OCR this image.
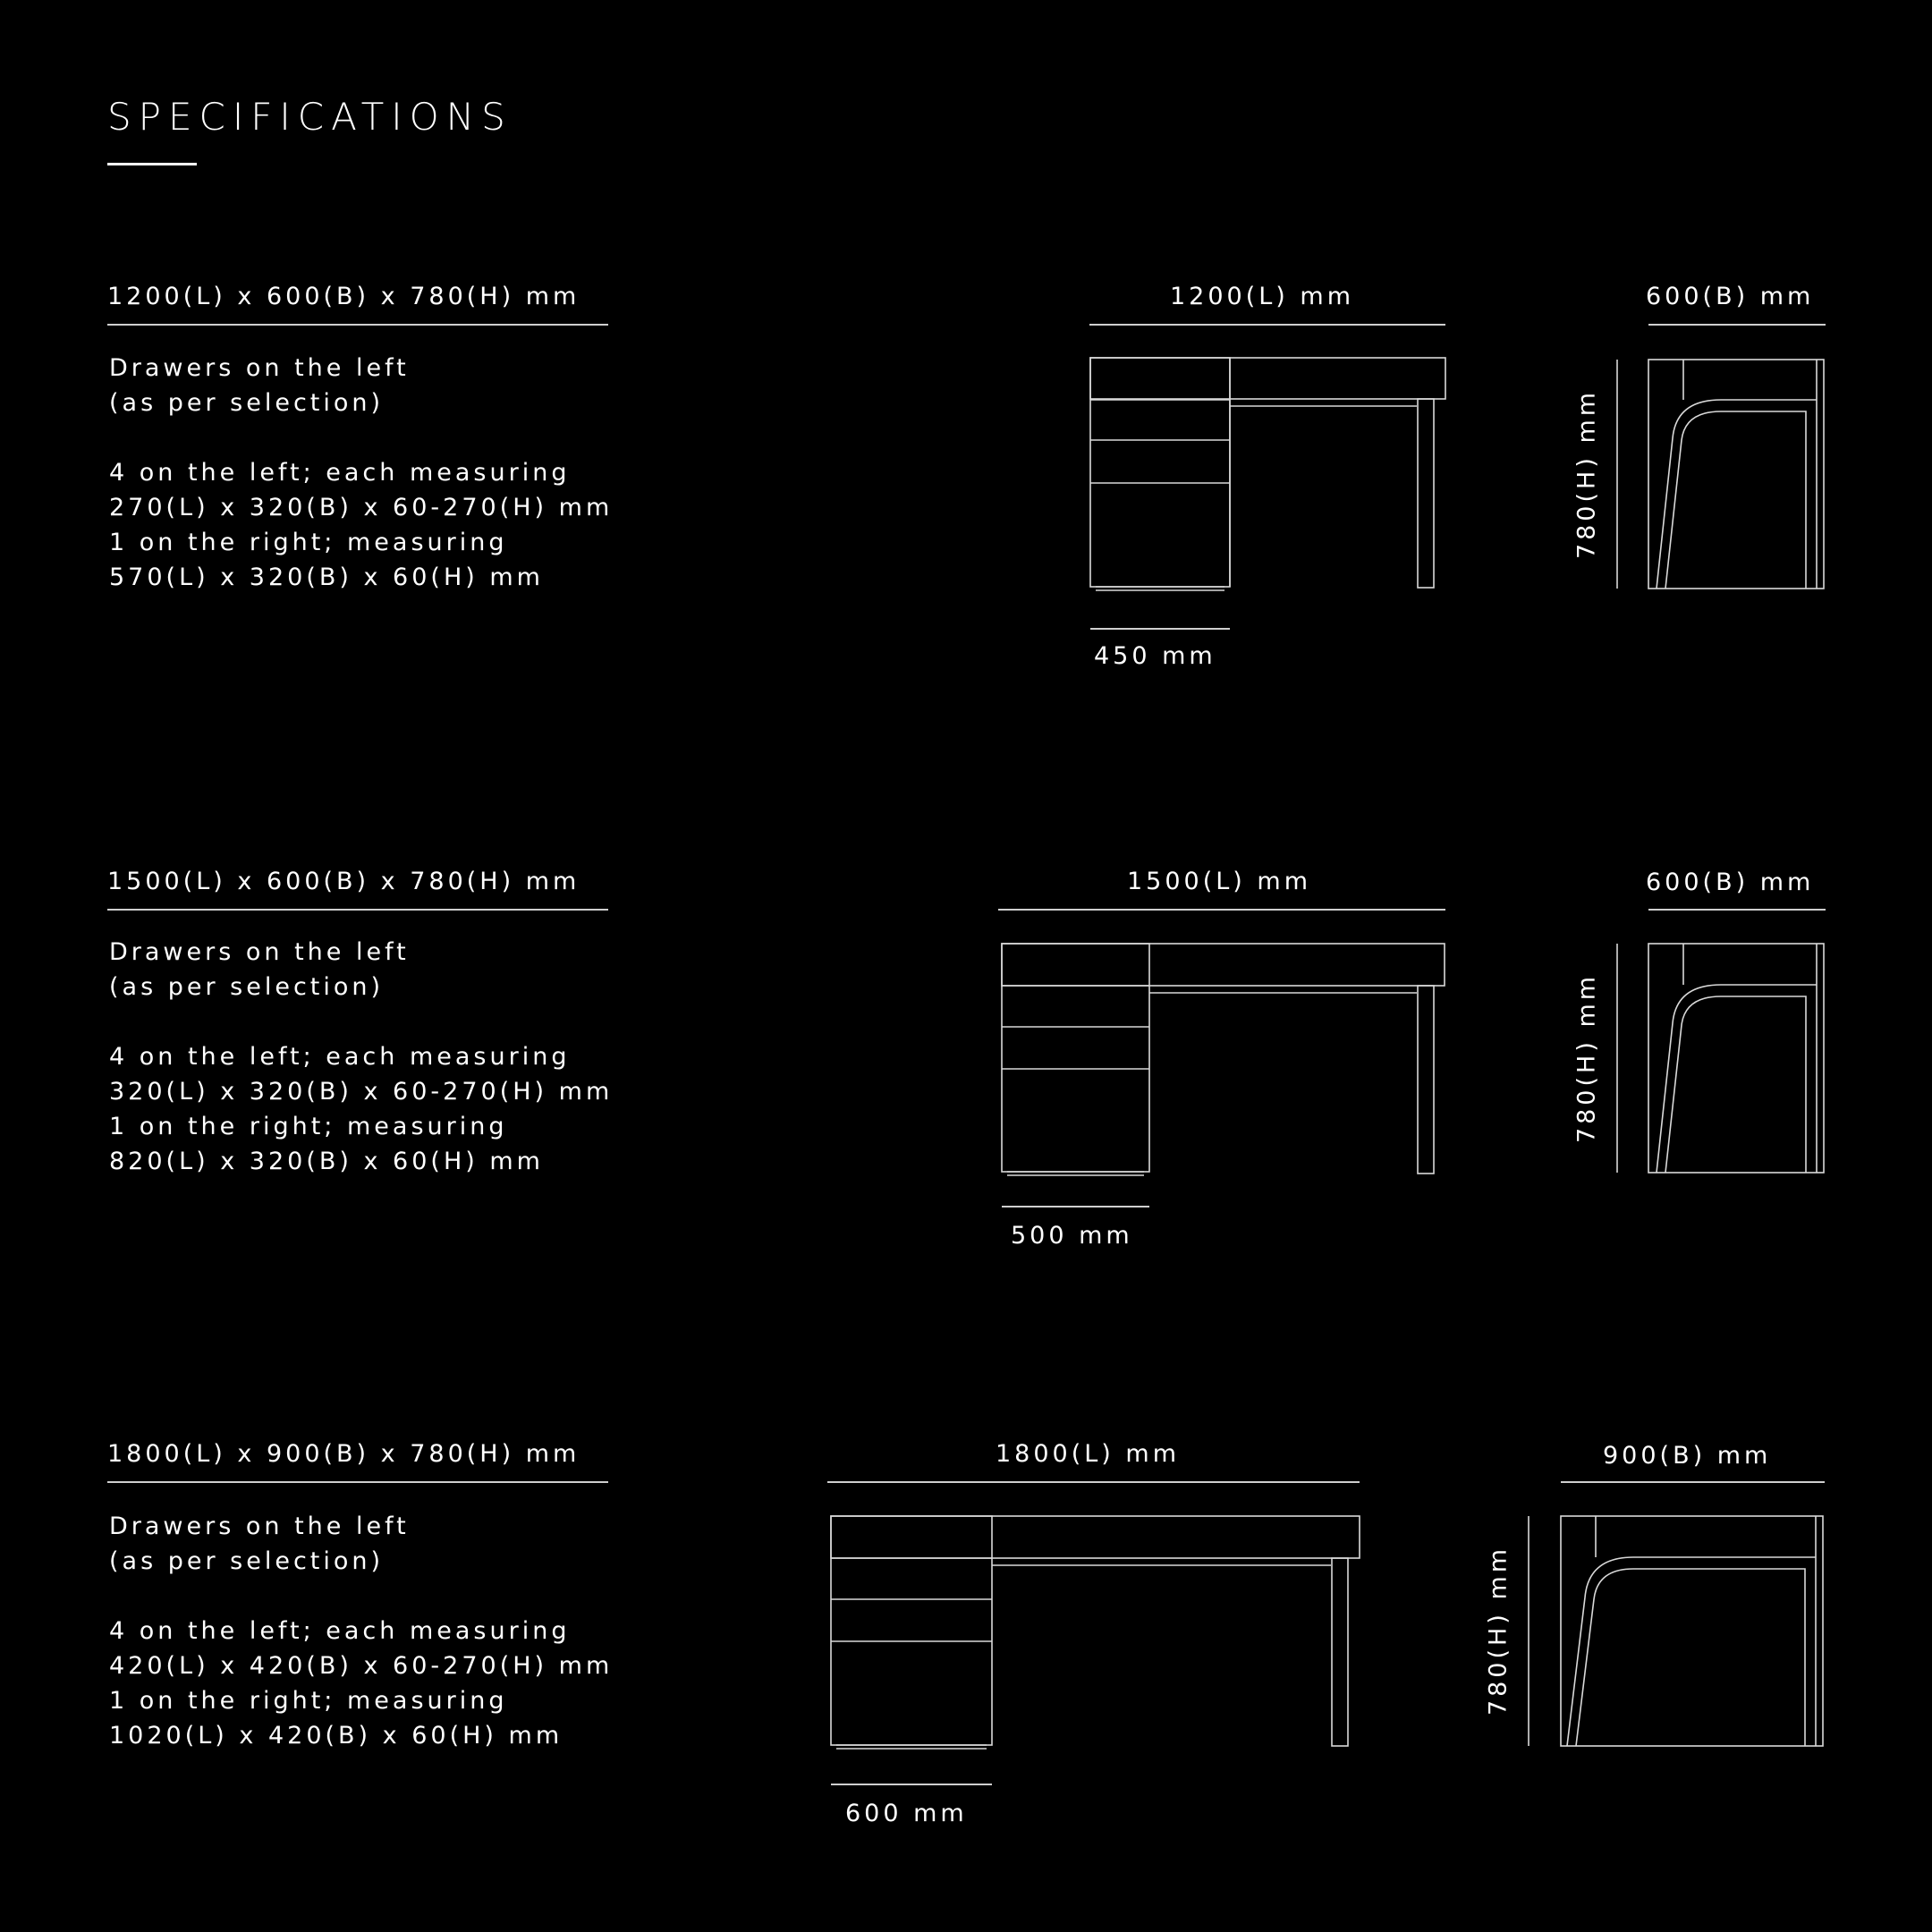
SPECIFICATIONS
1200(L) x 600(B) x 780(H) mm
Drawers on the left
(as per selection)
4 on the left; each measuring
270(L) x 320(B) x 60-270(H) mm
1 on the right; measuring
570(L) x 320(B) x 60(H) mm
1200(L) mm	600(B) mm
780(H) mm
450 mm
1500(L) x 600(B) x 780(H) mm
Drawers on the left
(as per selection)
4 on the left; each measuring
320(L) x 320(B) x 60-270(H) mm
1 on the right; measuring
820(L) x 320(B) x 60(H) mm
1500(L) mm	600(B) mm
780(H) mm
500 mm
1800(L) x 900(B) x 780(H) mm
Drawers on the left
(as per selection)
4 on the left; each measuring
420(L) x 420(B) x 60-270(H) mm
1 on the right; measuring
1020(L) x 420(B) x 60(H) mm
1800(L) mm	900(B) mm
780(H) mm
600 mm
